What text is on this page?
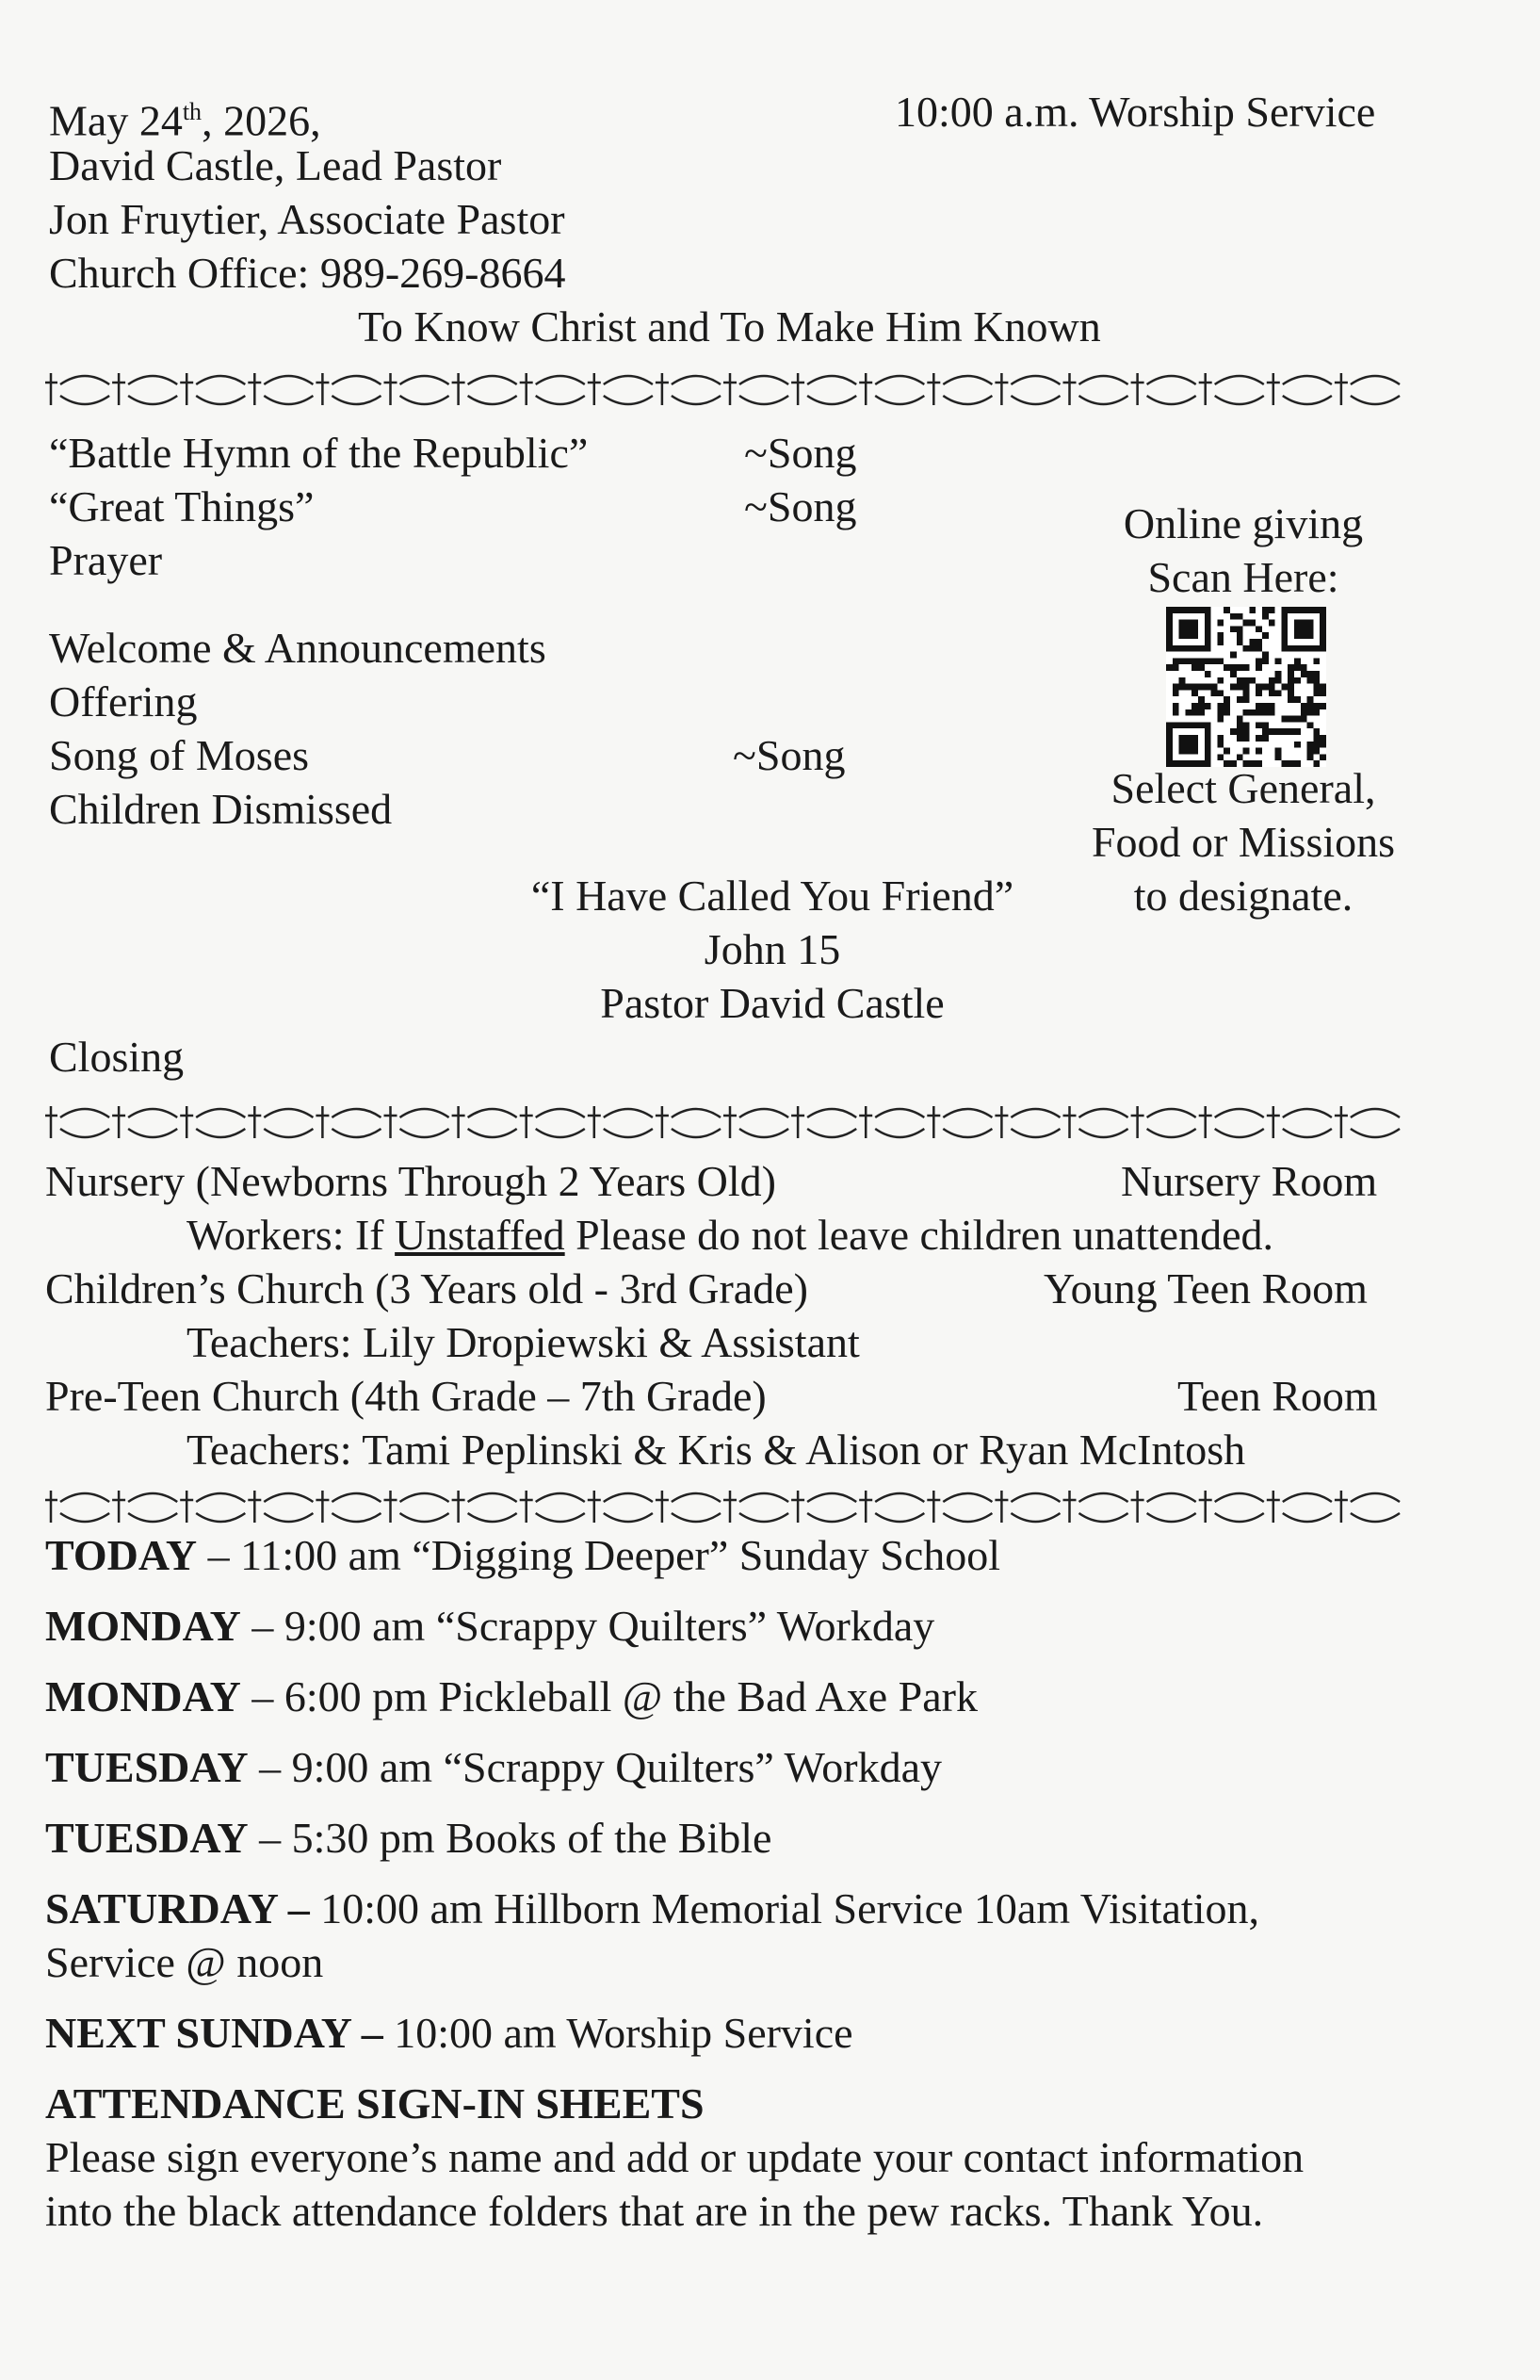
May 24th, 2026,	10:00 a.m. Worship Service
David Castle, Lead Pastor
Jon Fruytier, Associate Pastor
Church Office: 989-269-8664
To Know Christ and To Make Him Known
“Battle Hymn of the Republic”	~Song
“Great Things”	~Song
Prayer
Welcome & Announcements
Offering
Song of Moses	~Song
Children Dismissed
Online giving
Scan Here:
Select General,
Food or Missions
to designate.
“I Have Called You Friend”
John 15
Pastor David Castle
Closing
Nursery (Newborns Through 2 Years Old)	Nursery Room
Workers: If Unstaffed Please do not leave children unattended.
Children’s Church (3 Years old - 3rd Grade)	Young Teen Room
Teachers: Lily Dropiewski & Assistant
Pre-Teen Church (4th Grade – 7th Grade)	Teen Room
Teachers: Tami Peplinski & Kris & Alison or Ryan McIntosh
TODAY – 11:00 am “Digging Deeper” Sunday School
MONDAY – 9:00 am “Scrappy Quilters” Workday
MONDAY – 6:00 pm Pickleball @ the Bad Axe Park
TUESDAY – 9:00 am “Scrappy Quilters” Workday
TUESDAY – 5:30 pm Books of the Bible
SATURDAY – 10:00 am Hillborn Memorial Service 10am Visitation,
Service @ noon
NEXT SUNDAY – 10:00 am Worship Service
ATTENDANCE SIGN-IN SHEETS
Please sign everyone’s name and add or update your contact information
into the black attendance folders that are in the pew racks. Thank You.
